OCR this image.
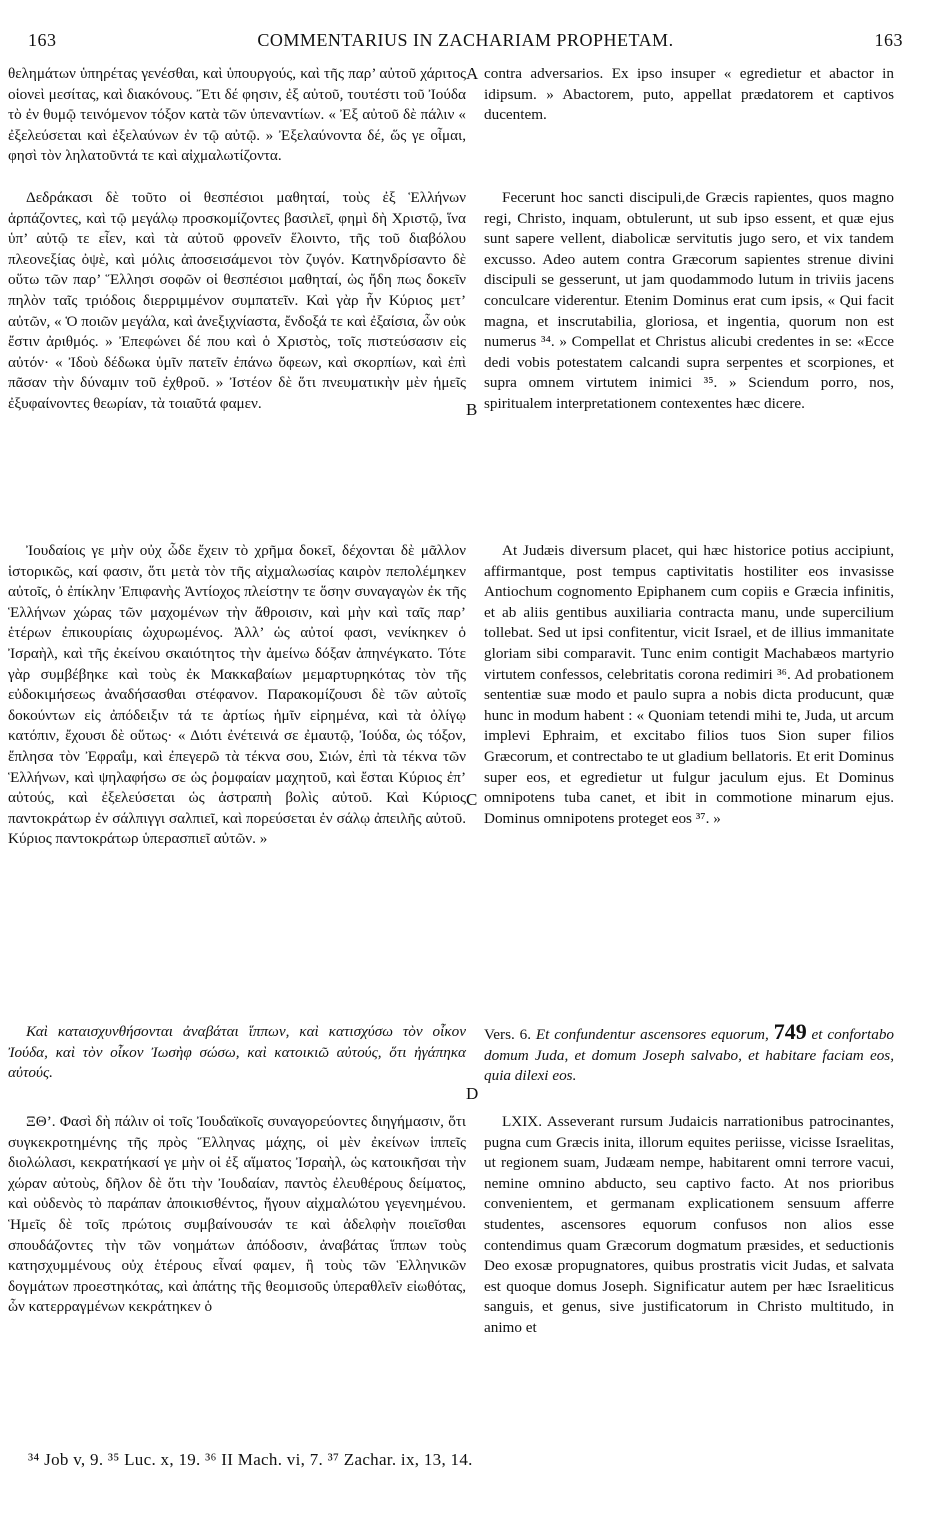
163	COMMENTARIUS IN ZACHARIAM PROPHETAM.	163

θελημάτων ὑπηρέτας γενέσθαι, καὶ ὑπουργούς, καὶ τῆς παρ’ αὐτοῦ χάριτος οἱονεὶ μεσίτας, καὶ διακόνους. Ἔτι δέ φησιν, ἐξ αὐτοῦ, τουτέστι τοῦ Ἰούδα τὸ ἐν θυμῷ τεινόμενον τόξον κατὰ τῶν ὑπεναντίων. « Ἐξ αὐτοῦ δὲ πάλιν « ἐξελεύσεται καὶ ἐξελαύνων ἐν τῷ αὐτῷ. » Ἐξελαύνοντα δέ, ὥς γε οἶμαι, φησὶ τὸν ληλατοῦντά τε καὶ αἰχμαλωτίζοντα.

Δεδράκασι δὲ τοῦτο οἱ θεσπέσιοι μαθηταί, τοὺς ἐξ Ἑλλήνων ἁρπάζοντες, καὶ τῷ μεγάλῳ προσκομίζοντες βασιλεῖ, φημὶ δὴ Χριστῷ, ἵνα ὑπ’ αὐτῷ τε εἶεν, καὶ τὰ αὐτοῦ φρονεῖν ἕλοιντο, τῆς τοῦ διαβόλου πλεονεξίας ὀψὲ, καὶ μόλις ἀποσεισάμενοι τὸν ζυγόν. Κατηνδρίσαντο δὲ οὕτω τῶν παρ’ Ἕλλησι σοφῶν οἱ θεσπέσιοι μαθηταί, ὡς ἤδη πως δοκεῖν πηλὸν ταῖς τριόδοις διερριμμένον συμπατεῖν. Καὶ γὰρ ἦν Κύριος μετ’ αὐτῶν, « Ὁ ποιῶν μεγάλα, καὶ ἀνεξιχνίαστα, ἔνδοξά τε καὶ ἐξαίσια, ὧν οὐκ ἔστιν ἀριθμός. » Ἐπεφώνει δέ που καὶ ὁ Χριστὸς, τοῖς πιστεύσασιν εἰς αὐτόν· « Ἰδοὺ δέδωκα ὑμῖν πατεῖν ἐπάνω ὄφεων, καὶ σκορπίων, καὶ ἐπὶ πᾶσαν τὴν δύναμιν τοῦ ἐχθροῦ. » Ἰστέον δὲ ὅτι πνευματικὴν μὲν ἡμεῖς ἐξυφαίνοντες θεωρίαν, τὰ τοιαῦτά φαμεν.

Ἰουδαίοις γε μὴν οὐχ ὧδε ἔχειν τὸ χρῆμα δοκεῖ, δέχονται δὲ μᾶλλον ἱστορικῶς, καί φασιν, ὅτι μετὰ τὸν τῆς αἰχμαλωσίας καιρὸν πεπολέμηκεν αὐτοῖς, ὁ ἐπίκλην Ἐπιφανὴς Ἀντίοχος πλείστην τε ὅσην συναγαγὼν ἐκ τῆς Ἑλλήνων χώρας τῶν μαχομένων τὴν ἄθροισιν, καὶ μὴν καὶ ταῖς παρ’ ἑτέρων ἐπικουρίαις ὠχυρωμένος. Ἀλλ’ ὡς αὐτοί φασι, νενίκηκεν ὁ Ἰσραὴλ, καὶ τῆς ἐκείνου σκαιότητος τὴν ἀμείνω δόξαν ἀπηνέγκατο. Τότε γὰρ συμβέβηκε καὶ τοὺς ἐκ Μακκαβαίων μεμαρτυρηκότας τὸν τῆς εὐδοκιμήσεως ἀναδήσασθαι στέφανον. Παρακομίζουσι δὲ τῶν αὐτοῖς δοκούντων εἰς ἀπόδειξιν τά τε ἀρτίως ἡμῖν εἰρημένα, καὶ τὰ ὀλίγῳ κατόπιν, ἔχουσι δὲ οὕτως· « Διότι ἐνέτεινά σε ἐμαυτῷ, Ἰούδα, ὡς τόξον, ἔπλησα τὸν Ἐφραΐμ, καὶ ἐπεγερῶ τὰ τέκνα σου, Σιών, ἐπὶ τὰ τέκνα τῶν Ἑλλήνων, καὶ ψηλαφήσω σε ὡς ῥομφαίαν μαχητοῦ, καὶ ἔσται Κύριος ἐπ’ αὐτούς, καὶ ἐξελεύσεται ὡς ἀστραπὴ βολὶς αὐτοῦ. Καὶ Κύριος παντοκράτωρ ἐν σάλπιγγι σαλπιεῖ, καὶ πορεύσεται ἐν σάλῳ ἀπειλῆς αὐτοῦ. Κύριος παντοκράτωρ ὑπερασπιεῖ αὐτῶν. »

Καὶ καταισχυνθήσονται ἀναβάται ἵππων, καὶ κατισχύσω τὸν οἶκον Ἰούδα, καὶ τὸν οἶκον Ἰωσὴφ σώσω, καὶ κατοικιῶ αὐτούς, ὅτι ἠγάπηκα αὐτούς.

ΞΘ’. Φασὶ δὴ πάλιν οἱ τοῖς Ἰουδαϊκοῖς συναγορεύοντες διηγήμασιν, ὅτι συγκεκροτημένης τῆς πρὸς Ἕλληνας μάχης, οἱ μὲν ἐκείνων ἱππεῖς διολώλασι, κεκρατήκασί γε μὴν οἱ ἐξ αἵματος Ἰσραὴλ, ὡς κατοικῆσαι τὴν χώραν αὐτοὺς, δῆλον δὲ ὅτι τὴν Ἰουδαίαν, παντὸς ἐλευθέρους δείματος, καὶ οὐδενὸς τὸ παράπαν ἀποικισθέντος, ἤγουν αἰχμαλώτου γεγενημένου. Ἡμεῖς δὲ τοῖς πρώτοις συμβαίνουσάν τε καὶ ἀδελφὴν ποιεῖσθαι σπουδάζοντες τὴν τῶν νοημάτων ἀπόδοσιν, ἀναβάτας ἵππων τοὺς κατησχυμμένους οὐχ ἑτέρους εἶναί φαμεν, ἢ τοὺς τῶν Ἑλληνικῶν δογμάτων προεστηκότας, καὶ ἀπάτης τῆς θεομισοῦς ὑπεραθλεῖν εἰωθότας, ὧν κατερραγμένων κεκράτηκεν ὁ

contra adversarios. Ex ipso insuper « egredietur et abactor in idipsum. » Abactorem, puto, appellat prædatorem et captivos ducentem.

Fecerunt hoc sancti discipuli,de Græcis rapientes, quos magno regi, Christo, inquam, obtulerunt, ut sub ipso essent, et quæ ejus sunt sapere vellent, diabolicæ servitutis jugo sero, et vix tandem excusso. Adeo autem contra Græcorum sapientes strenue divini discipuli se gesserunt, ut jam quodammodo lutum in triviis jacens conculcare viderentur. Etenim Dominus erat cum ipsis, « Qui facit magna, et inscrutabilia, gloriosa, et ingentia, quorum non est numerus ³⁴. » Compellat et Christus alicubi credentes in se: «Ecce dedi vobis potestatem calcandi supra serpentes et scorpiones, et supra omnem virtutem inimici ³⁵. » Sciendum porro, nos, spiritualem interpretationem contexentes hæc dicere.

At Judæis diversum placet, qui hæc historice potius accipiunt, affirmantque, post tempus captivitatis hostiliter eos invasisse Antiochum cognomento Epiphanem cum copiis e Græcia infinitis, et ab aliis gentibus auxiliaria contracta manu, unde supercilium tollebat. Sed ut ipsi confitentur, vicit Israel, et de illius immanitate gloriam sibi comparavit. Tunc enim contigit Machabæos martyrio virtutem confessos, celebritatis corona redimiri ³⁶. Ad probationem sententiæ suæ modo et paulo supra a nobis dicta producunt, quæ hunc in modum habent : « Quoniam tetendi mihi te, Juda, ut arcum implevi Ephraim, et excitabo filios tuos Sion super filios Græcorum, et contrectabo te ut gladium bellatoris. Et erit Dominus super eos, et egredietur ut fulgur jaculum ejus. Et Dominus omnipotens tuba canet, et ibit in commotione minarum ejus. Dominus omnipotens proteget eos ³⁷. »

Vers. 6. Et confundentur ascensores equorum, 749 et confortabo domum Juda, et domum Joseph salvabo, et habitare faciam eos, quia dilexi eos.

LXIX. Asseverant rursum Judaicis narrationibus patrocinantes, pugna cum Græcis inita, illorum equites periisse, vicisse Israelitas, ut regionem suam, Judæam nempe, habitarent omni terrore vacui, nemine omnino abducto, seu captivo facto. At nos prioribus convenientem, et germanam explicationem sensuum afferre studentes, ascensores equorum confusos non alios esse contendimus quam Græcorum dogmatum præsides, et seductionis Deo exosæ propugnatores, quibus prostratis vicit Judas, et salvata est quoque domus Joseph. Significatur autem per hæc Israeliticus sanguis, et genus, sive justificatorum in Christo multitudo, in animo et

A
B
C
D
³⁴ Job v, 9. ³⁵ Luc. x, 19. ³⁶ II Mach. vi, 7. ³⁷ Zachar. ix, 13, 14.
